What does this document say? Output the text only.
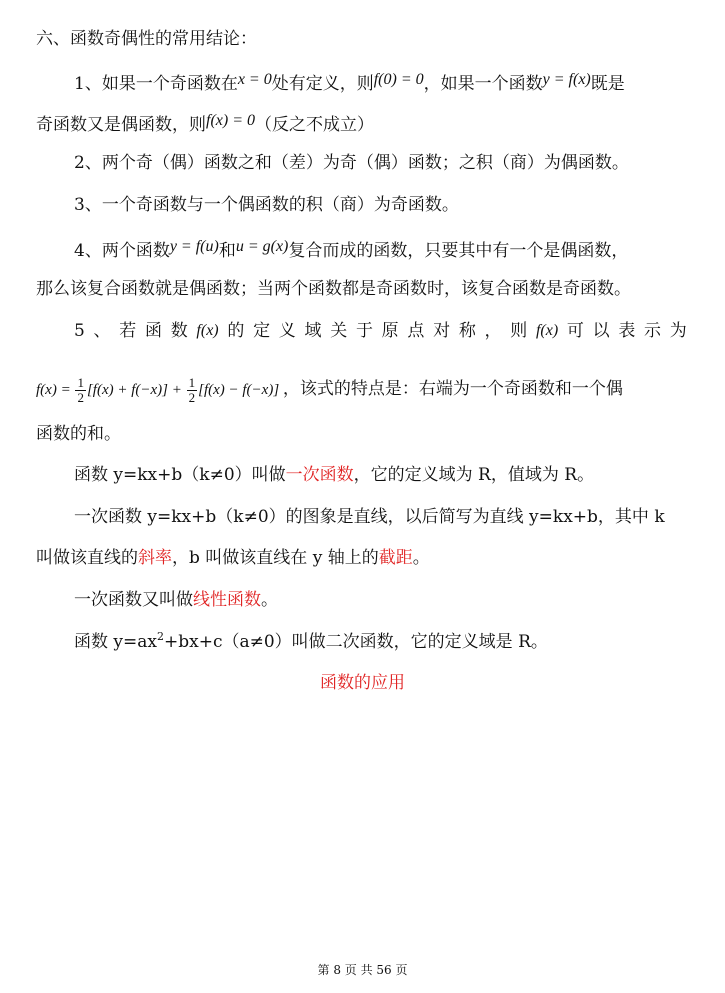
六、函数奇偶性的常用结论：
1、如果一个奇函数在x = 0处有定义，则f(0) = 0，如果一个函数y = f(x)既是
奇函数又是偶函数，则f(x) = 0（反之不成立）
2、两个奇（偶）函数之和（差）为奇（偶）函数；之积（商）为偶函数。
3、一个奇函数与一个偶函数的积（商）为奇函数。
4、两个函数y = f(u)和u = g(x)复合而成的函数，只要其中有一个是偶函数，
那么该复合函数就是偶函数；当两个函数都是奇函数时，该复合函数是奇函数。
5 、 若 函 数 f(x) 的 定 义 域 关 于 原 点 对 称 ， 则 f(x) 可 以 表 示 为
$f(x) = \frac{1}{2} [f(x) + f(-x)] + \frac{1}{2} [f(x) - f(-x)]$ ，该式的特点是：右端为一个奇函数和一个偶
函数的和。
函数 y=kx+b（k≠0）叫做一次函数，它的定义域为 R，值域为 R。
一次函数 y=kx+b（k≠0）的图象是直线，以后简写为直线 y=kx+b，其中 k
叫做该直线的斜率，b 叫做该直线在 y 轴上的截距。
一次函数又叫做线性函数。
函数 $y=ax^2+bx+c(a\ne 0)$叫做二次函数，它的定义域是 R。
函数的应用
第 8 页 共 56 页
